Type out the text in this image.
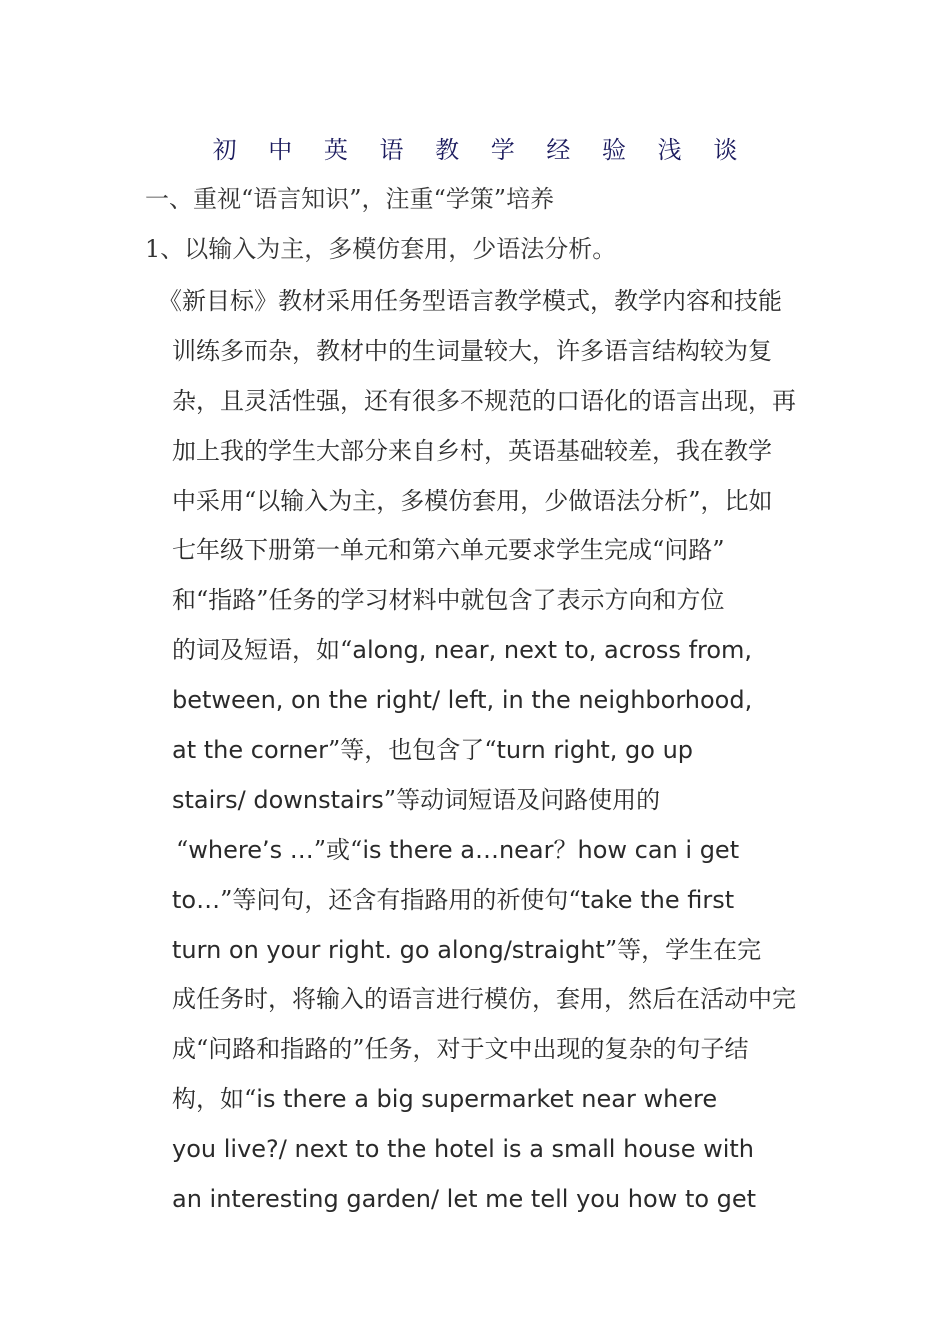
初 中 英 语 教 学 经 验 浅 谈
一、重视“语言知识”，注重“学策”培养
1、以输入为主，多模仿套用，少语法分析。
《新目标》教材采用任务型语言教学模式，教学内容和技能
训练多而杂，教材中的生词量较大，许多语言结构较为复
杂，且灵活性强，还有很多不规范的口语化的语言出现，再
加上我的学生大部分来自乡村，英语基础较差，我在教学
中采用“以输入为主，多模仿套用，少做语法分析”，比如
七年级下册第一单元和第六单元要求学生完成“问路”
和“指路”任务的学习材料中就包含了表示方向和方位
的词及短语，如“along, near, next to, across from,
between, on the right/ left, in the neighborhood,
at the corner”等，也包含了“turn right, go up
stairs/ downstairs”等动词短语及问路使用的
“where’s …”或“is there a…near？how can i get
to…”等问句，还含有指路用的祈使句“take the first
turn on your right. go along/straight”等，学生在完
成任务时，将输入的语言进行模仿，套用，然后在活动中完
成“问路和指路的”任务，对于文中出现的复杂的句子结
构，如“is there a big supermarket near where
you live?/ next to the hotel is a small house with
an interesting garden/ let me tell you how to get
